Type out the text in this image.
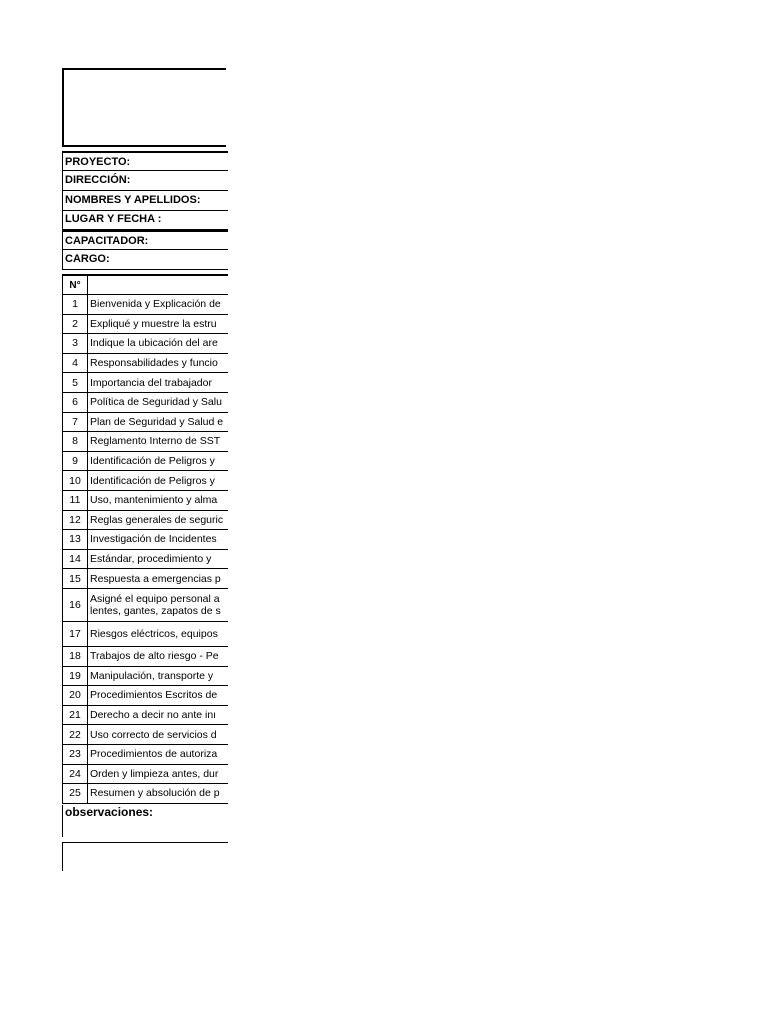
PROYECTO:
DIRECCIÓN:
NOMBRES Y APELLIDOS:
LUGAR Y FECHA :
CAPACITADOR:
CARGO:
N°
1	Bienvenida y Explicación de
2	Expliqué y muestre la estru
3	Indique la ubicación del are
4	Responsabilidades y funcio
5	Importancia del trabajador
6	Política de Seguridad y Salu
7	Plan de Seguridad y Salud e
8	Reglamento Interno de SST
9	Identificación de Peligros y
10 Identificación de Peligros y
11 Uso, mantenimiento y alma
12 Reglas generales de seguric
13 Investigación de Incidentes
14 Estándar, procedimiento y
15 Respuesta a emergencias p
16 Asigné el equipo personal a
lentes, gantes, zapatos de s
17 Riesgos eléctricos, equipos
18 Trabajos de alto riesgo - Pe
19 Manipulación, transporte y
20 Procedimientos Escritos de
21 Derecho a decir no ante inı
22 Uso correcto de servicios d
23 Procedimientos de autoriza
24 Orden y limpieza antes, dur
25 Resumen y absolución de p
observaciones:
